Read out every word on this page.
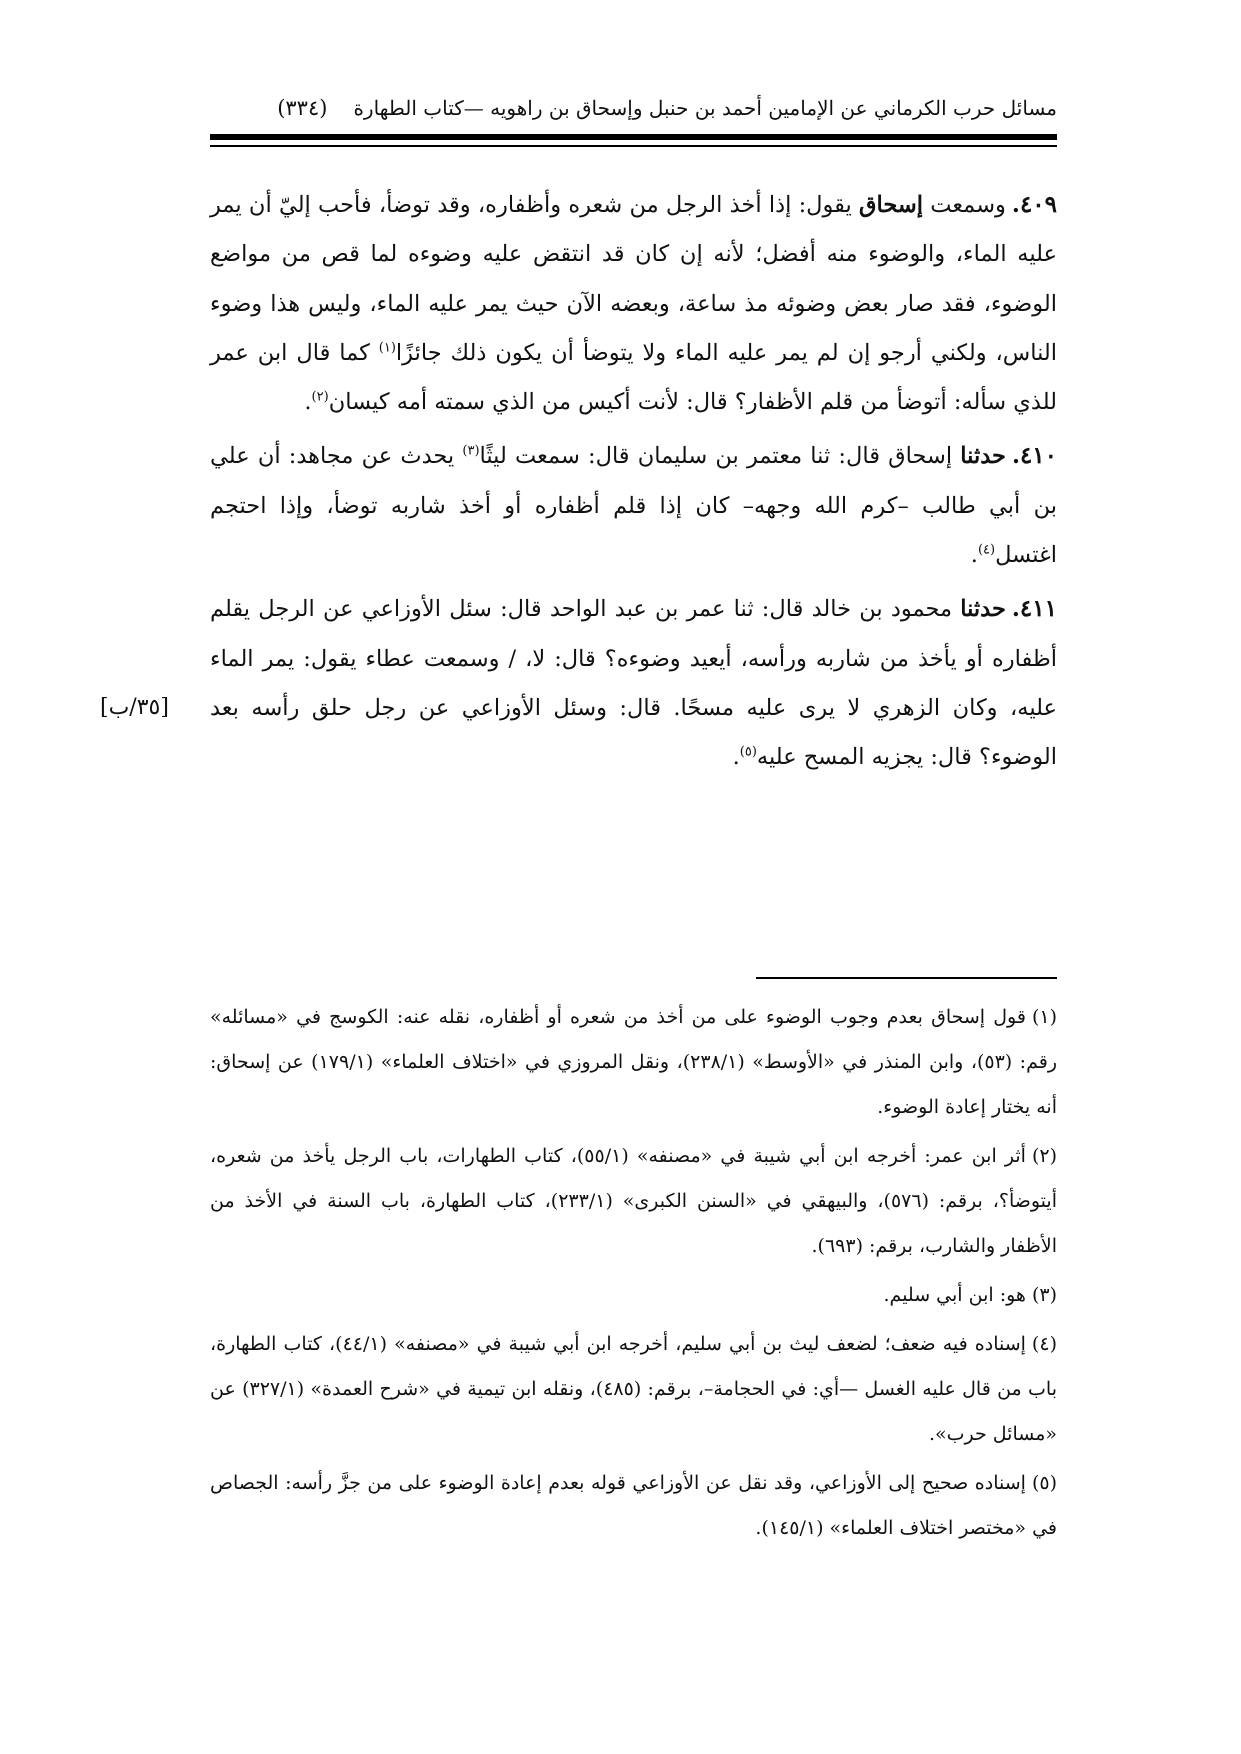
مسائل حرب الكرماني عن الإمامين أحمد بن حنبل وإسحاق بن راهويه —كتاب الطهارة
(٣٣٤)
[٣٥/ب]

٤٠٩.وسمعت إسحاق يقول: إذا أخذ الرجل من شعره وأظفاره، وقد توضأ، فأحب إليّ أن يمر عليه الماء، والوضوء منه أفضل؛ لأنه إن كان قد انتقض عليه وضوءه لما قص من مواضع الوضوء، فقد صار بعض وضوئه مذ ساعة، وبعضه الآن حيث يمر عليه الماء، وليس هذا وضوء الناس، ولكني أرجو إن لم يمر عليه الماء ولا يتوضأ أن يكون ذلك جائزًا$^{(١)}$ كما قال ابن عمر للذي سأله: أتوضأ من قلم الأظفار؟ قال: لأنت أكيس من الذي سمته أمه كيسان$^{(٢)}$.

٤١٠.حدثنا إسحاق قال: ثنا معتمر بن سليمان قال: سمعت ليثًا$^{(٣)}$ يحدث عن مجاهد: أن علي بن أبي طالب –كرم الله وجهه– كان إذا قلم أظفاره أو أخذ شاربه توضأ، وإذا احتجم اغتسل$^{(٤)}$.

٤١١.حدثنا محمود بن خالد قال: ثنا عمر بن عبد الواحد قال: سئل الأوزاعي عن الرجل يقلم أظفاره أو يأخذ من شاربه ورأسه، أيعيد وضوءه؟ قال: لا، / وسمعت عطاء يقول: يمر الماء عليه، وكان الزهري لا يرى عليه مسحًا. قال: وسئل الأوزاعي عن رجل حلق رأسه بعد الوضوء؟ قال: يجزيه المسح عليه$^{(٥)}$.

(١)قول إسحاق بعدم وجوب الوضوء على من أخذ من شعره أو أظفاره، نقله عنه: الكوسج في «مسائله» رقم: (٥٣)، وابن المنذر في «الأوسط» (٢٣٨/١)، ونقل المروزي في «اختلاف العلماء» (١٧٩/١) عن إسحاق: أنه يختار إعادة الوضوء.

(٢)أثر ابن عمر: أخرجه ابن أبي شيبة في «مصنفه» (٥٥/١)، كتاب الطهارات، باب الرجل يأخذ من شعره، أيتوضأ؟، برقم: (٥٧٦)، والبيهقي في «السنن الكبرى» (٢٣٣/١)، كتاب الطهارة، باب السنة في الأخذ من الأظفار والشارب، برقم: (٦٩٣).

(٣)هو: ابن أبي سليم.

(٤)إسناده فيه ضعف؛ لضعف ليث بن أبي سليم، أخرجه ابن أبي شيبة في «مصنفه» (٤٤/١)، كتاب الطهارة، باب من قال عليه الغسل —أي: في الحجامة–، برقم: (٤٨٥)، ونقله ابن تيمية في «شرح العمدة» (٣٢٧/١) عن «مسائل حرب».

(٥)إسناده صحيح إلى الأوزاعي، وقد نقل عن الأوزاعي قوله بعدم إعادة الوضوء على من جزَّ رأسه: الجصاص في «مختصر اختلاف العلماء» (١٤٥/١).
